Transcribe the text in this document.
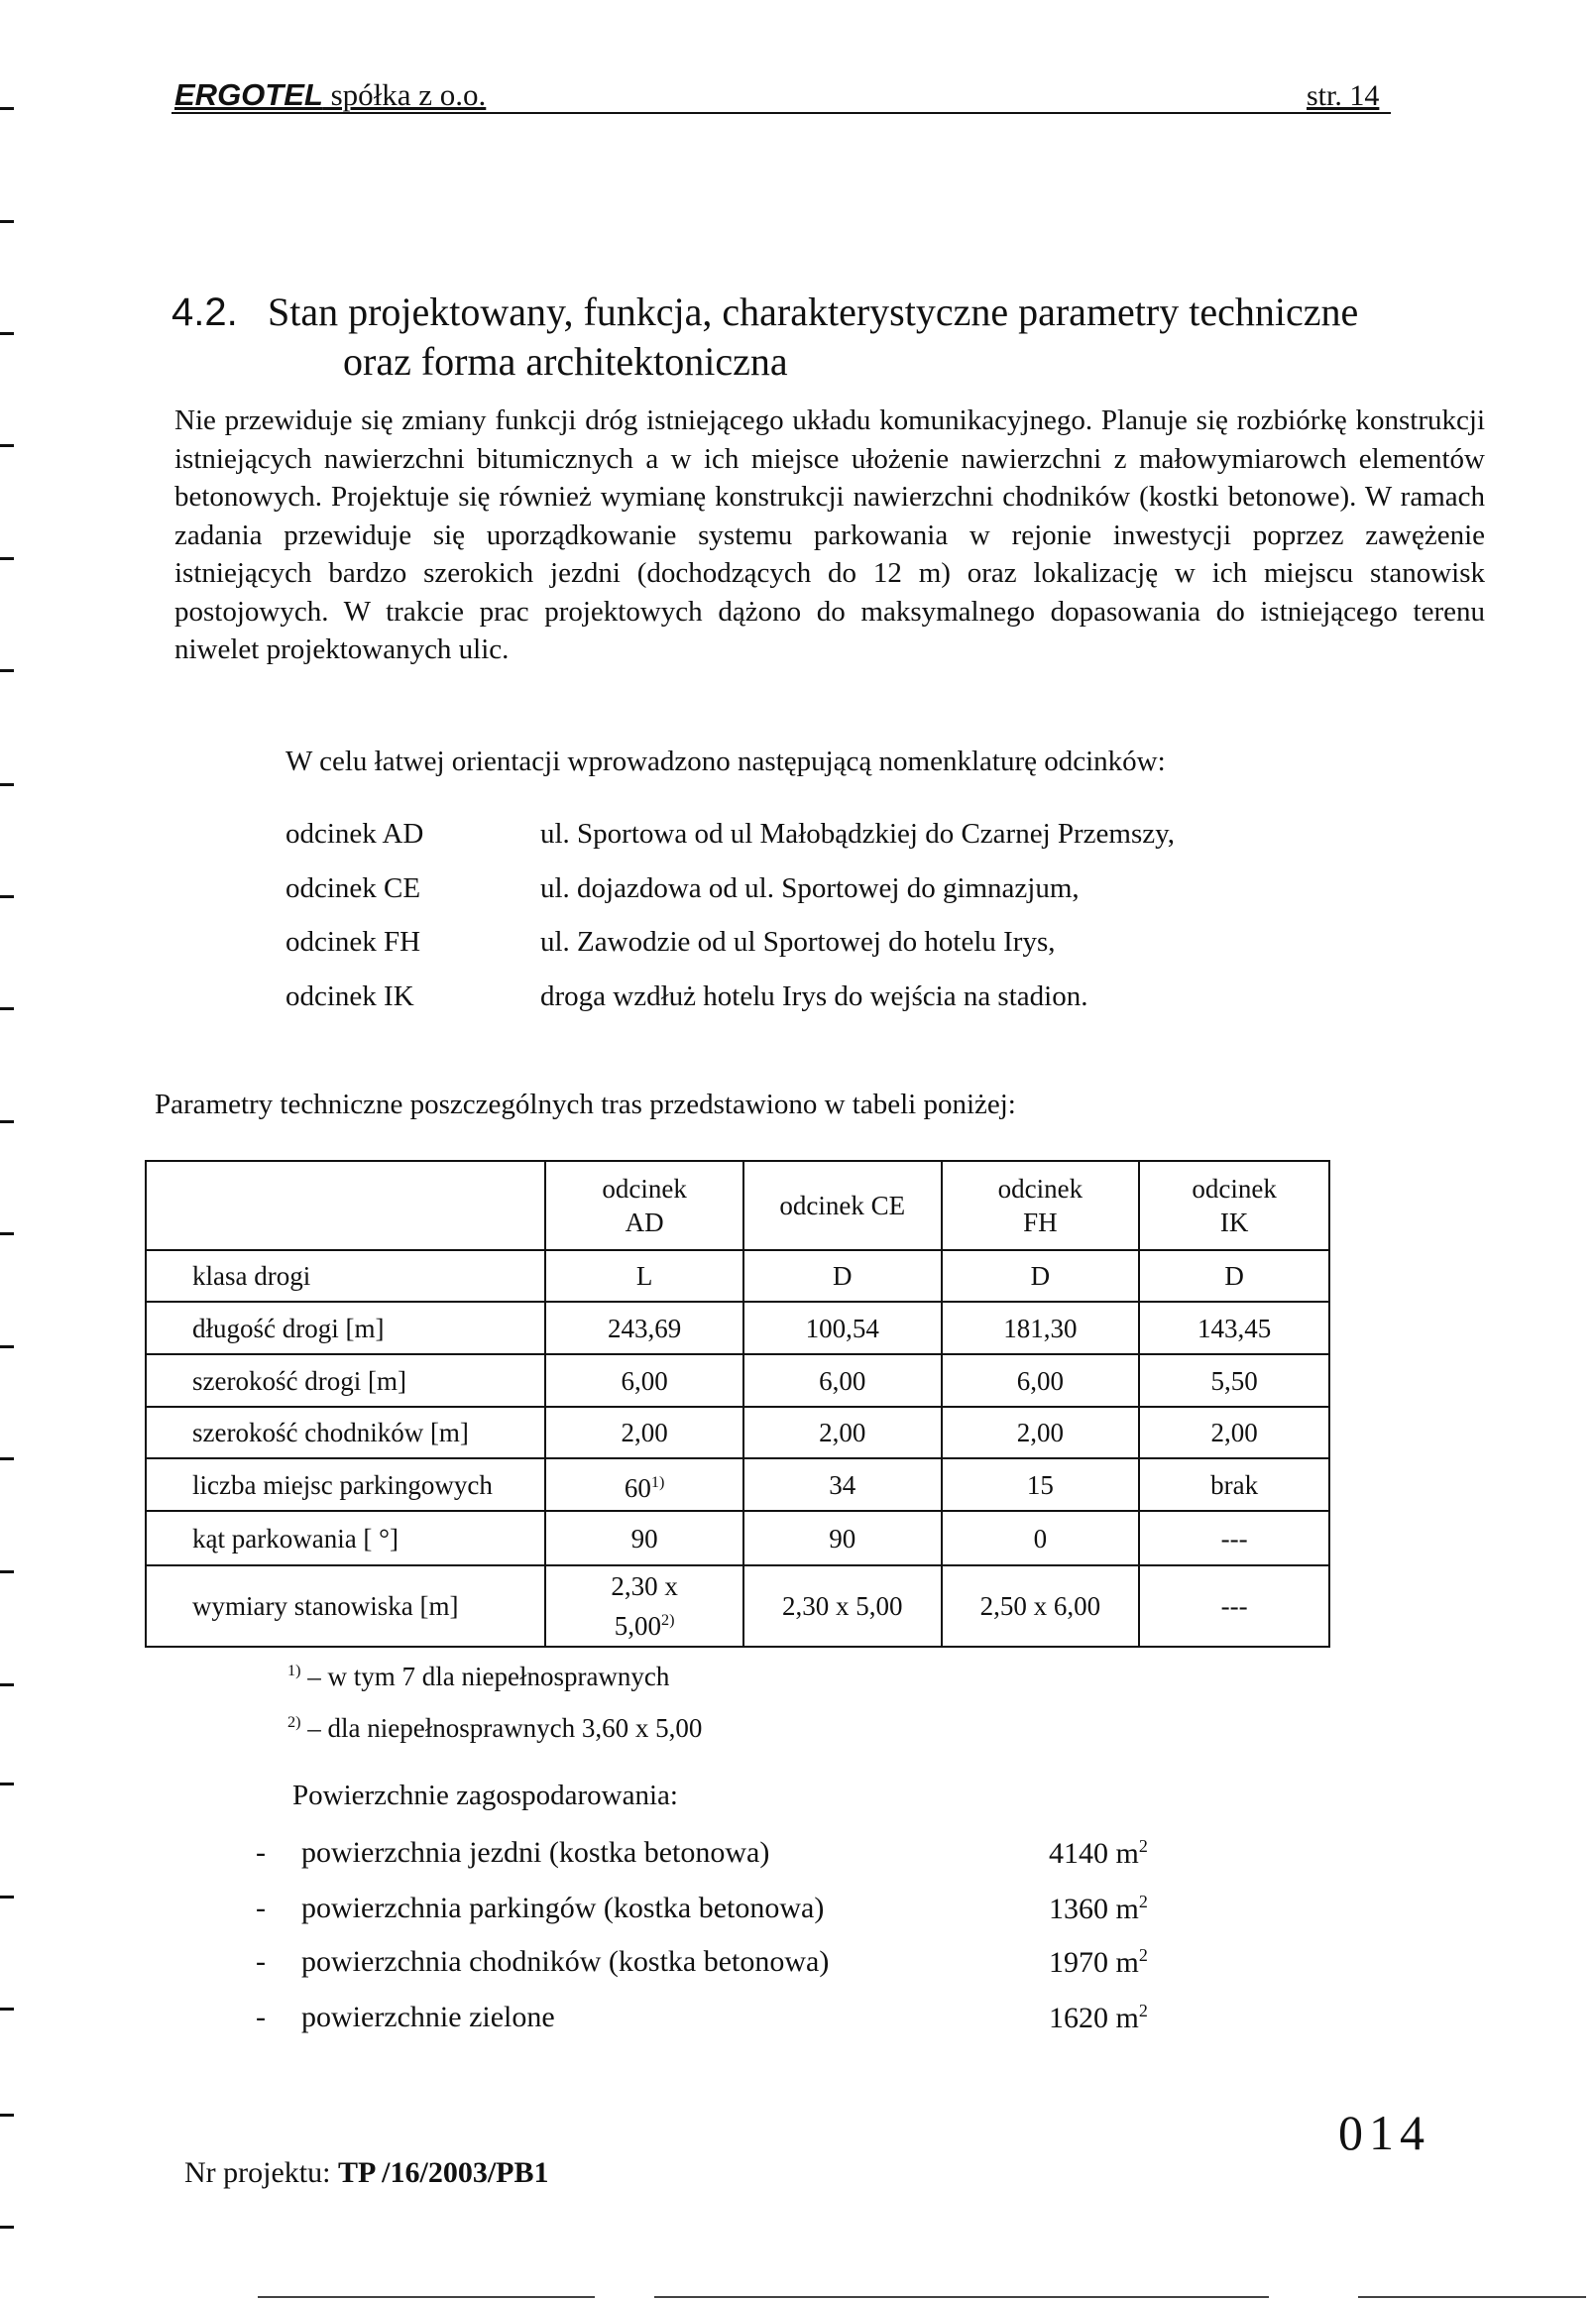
ERGOTEL spółka z o.o.	str. 14
4.2. Stan projektowany, funkcja, charakterystyczne parametry techniczne
oraz forma architektoniczna
Nie przewiduje się zmiany funkcji dróg istniejącego układu komunikacyjnego. Planuje się rozbiórkę konstrukcji istniejących nawierzchni bitumicznych a w ich miejsce ułożenie nawierzchni z małowymiarowch elementów betonowych. Projektuje się również wymianę konstrukcji nawierzchni chodników (kostki betonowe). W ramach zadania przewiduje się uporządkowanie systemu parkowania w rejonie inwestycji poprzez zawężenie istniejących bardzo szerokich jezdni (dochodzących do 12 m) oraz lokalizację w ich miejscu stanowisk postojowych. W trakcie prac projektowych dążono do maksymalnego dopasowania do istniejącego terenu niwelet projektowanych ulic.
W celu łatwej orientacji wprowadzono następującą nomenklaturę odcinków:
odcinek AD	ul. Sportowa od ul Małobądzkiej do Czarnej Przemszy,
odcinek CE	ul. dojazdowa od ul. Sportowej do gimnazjum,
odcinek FH	ul. Zawodzie od ul Sportowej do hotelu Irys,
odcinek IK	droga wzdłuż hotelu Irys do wejścia na stadion.
Parametry techniczne poszczególnych tras przedstawiono w tabeli poniżej:

	odcinek AD	odcinek CE	odcinek FH	odcinek IK

klasa drogi	L	D	D	D
długość drogi [m]	243,69	100,54	181,30	143,45
szerokość drogi [m]	6,00	6,00	6,00	5,50
szerokość chodników [m]	2,00	2,00	2,00	2,00
liczba miejsc parkingowych	60$^{1)}$	34	15	brak
kąt parkowania [ °]	90	90	0	---
wymiary stanowiska [m]	2,30 x 5,00$^{2)}$	2,30 x 5,00	2,50 x 6,00	---
$^{1)}$ – w tym 7 dla niepełnosprawnych
$^{2)}$ – dla niepełnosprawnych 3,60 x 5,00
Powierzchnie zagospodarowania:
- powierzchnia jezdni (kostka betonowa)	4140 $m^2$
- powierzchnia parkingów (kostka betonowa)	1360 $m^2$
- powierzchnia chodników (kostka betonowa)	1970 $m^2$
- powierzchnie zielone	1620 $m^2$
014
Nr projektu: TP /16/2003/PB1
